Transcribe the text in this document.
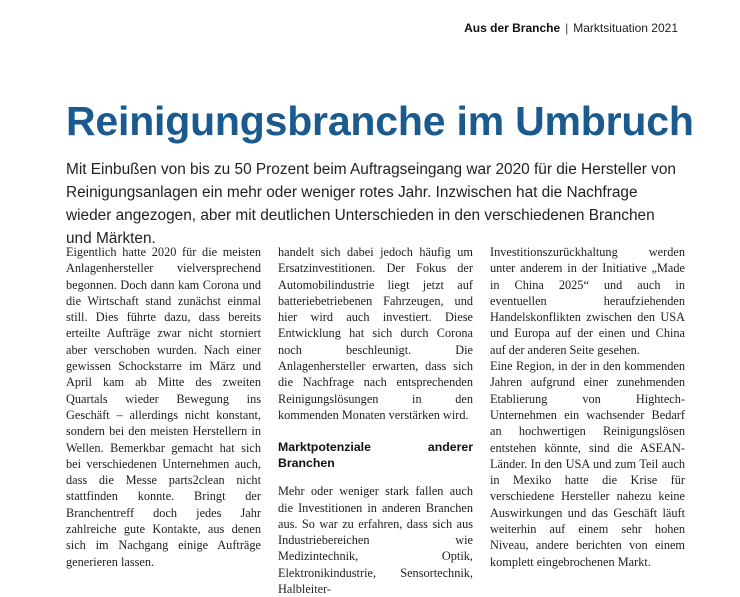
Aus der Branche | Marktsituation 2021
Reinigungsbranche im Umbruch

Mit Einbußen von bis zu 50 Prozent beim Auftragseingang war 2020 für die Hersteller von Reinigungsanlagen ein mehr oder weniger rotes Jahr. Inzwischen hat die Nachfrage wieder angezogen, aber mit deutlichen Unterschieden in den verschiedenen Branchen und Märkten.

Eigentlich hatte 2020 für die meisten Anlagenhersteller vielversprechend begonnen. Doch dann kam Corona und die Wirtschaft stand zunächst einmal still. Dies führte dazu, dass bereits erteilte Aufträge zwar nicht storniert aber verschoben wurden. Nach einer gewissen Schockstarre im März und April kam ab Mitte des zweiten Quartals wieder Bewegung ins Geschäft – allerdings nicht konstant, sondern bei den meisten Herstellern in Wellen. Bemerkbar gemacht hat sich bei verschiedenen Unternehmen auch, dass die Messe parts2clean nicht stattfinden konnte. Bringt der Branchentreff doch jedes Jahr zahlreiche gute Kontakte, aus denen sich im Nachgang einige Aufträge generieren lassen.

handelt sich dabei jedoch häufig um Ersatzinvestitionen. Der Fokus der Automobilindustrie liegt jetzt auf batteriebetriebenen Fahrzeugen, und hier wird auch investiert. Diese Entwicklung hat sich durch Corona noch beschleunigt. Die Anlagenhersteller erwarten, dass sich die Nachfrage nach entsprechenden Reinigungslösungen in den kommenden Monaten verstärken wird.

Marktpotenziale anderer Branchen

Mehr oder weniger stark fallen auch die Investitionen in anderen Branchen aus. So war zu erfahren, dass sich aus Industriebereichen wie Medizintechnik, Optik, Elektronikindustrie, Sensortechnik, Halbleiter-

Investitionszurückhaltung werden unter anderem in der Initiative „Made in China 2025“ und auch in eventuellen heraufziehenden Handelskonflikten zwischen den USA und Europa auf der einen und China auf der anderen Seite gesehen.

Eine Region, in der in den kommenden Jahren aufgrund einer zunehmenden Etablierung von Hightech-Unternehmen ein wachsender Bedarf an hochwertigen Reinigungslösen entstehen könnte, sind die ASEAN-Länder. In den USA und zum Teil auch in Mexiko hatte die Krise für verschiedene Hersteller nahezu keine Auswirkungen und das Geschäft läuft weiterhin auf einem sehr hohen Niveau, andere berichten von einem komplett eingebrochenen Markt.
